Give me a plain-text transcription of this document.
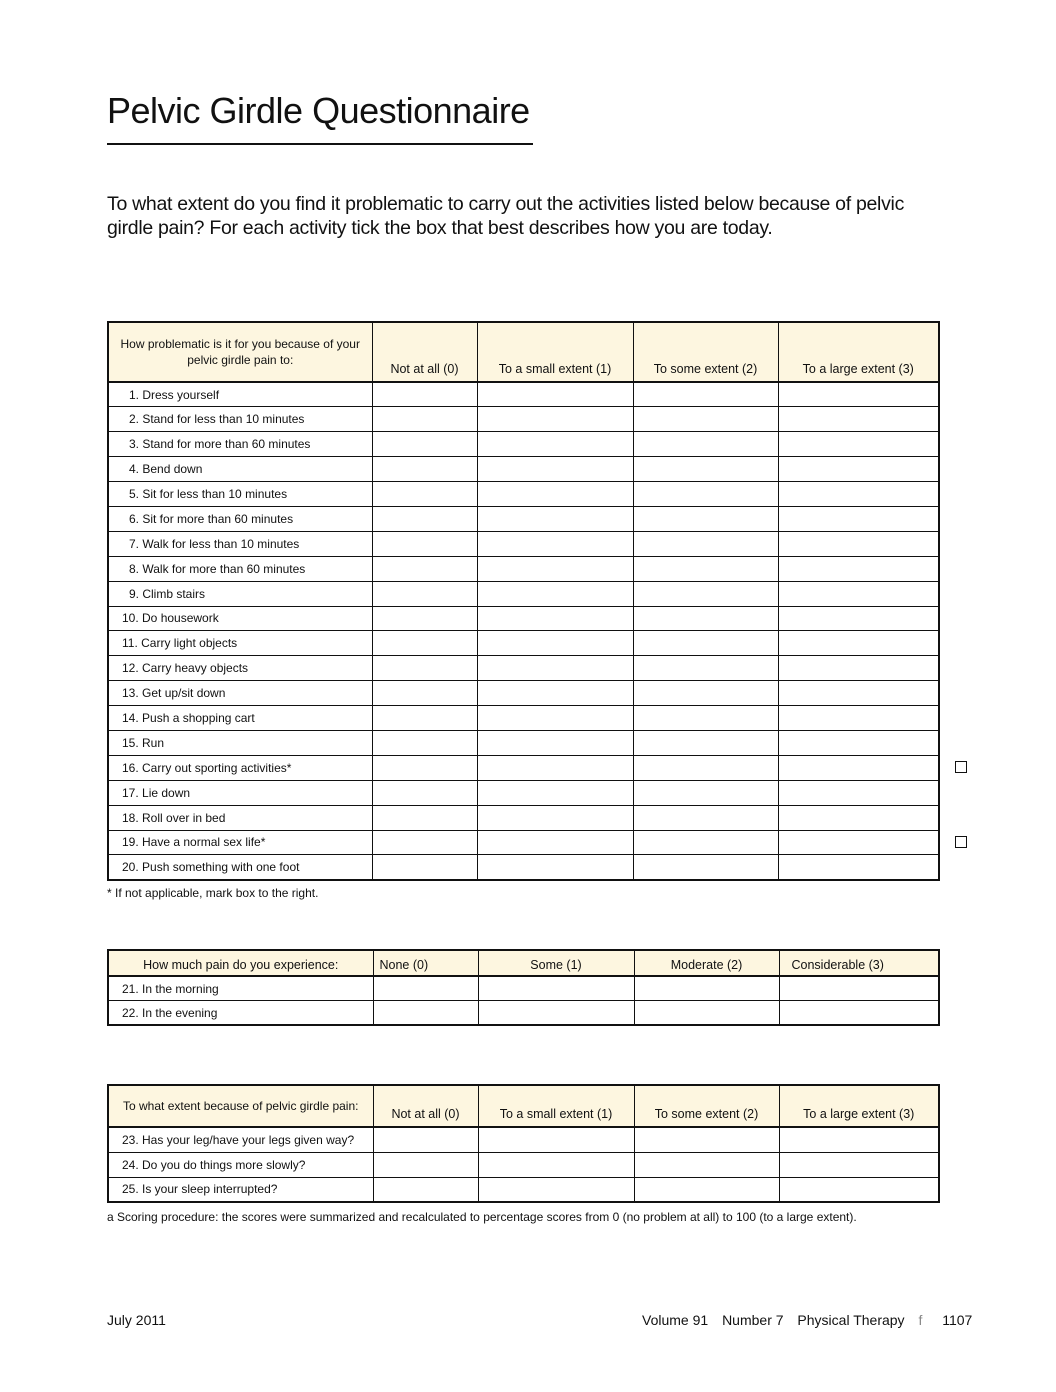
Pelvic Girdle Questionnaire

To what extent do you find it problematic to carry out the activities listed below because of pelvic girdle pain? For each activity tick the box that best describes how you are today.

How problematic is it for you because of your pelvic girdle pain to:	Not at all (0)	To a small extent (1)	To some extent (2)	To a large extent (3)
1. Dress yourself				
2. Stand for less than 10 minutes				
3. Stand for more than 60 minutes				
4. Bend down				
5. Sit for less than 10 minutes				
6. Sit for more than 60 minutes				
7. Walk for less than 10 minutes				
8. Walk for more than 60 minutes				
9. Climb stairs				
10. Do housework				
11. Carry light objects				
12. Carry heavy objects				
13. Get up/sit down				
14. Push a shopping cart				
15. Run				
16. Carry out sporting activities*				
17. Lie down				
18. Roll over in bed				
19. Have a normal sex life*				
20. Push something with one foot				
* If not applicable, mark box to the right.
How much pain do you experience:	None (0)	Some (1)	Moderate (2)	Considerable (3)
21. In the morning				
22. In the evening				
To what extent because of pelvic girdle pain:	Not at all (0)	To a small extent (1)	To some extent (2)	To a large extent (3)
23. Has your leg/have your legs given way?				
24. Do you do things more slowly?				
25. Is your sleep interrupted?				
a Scoring procedure: the scores were summarized and recalculated to percentage scores from 0 (no problem at all) to 100 (to a large extent).
July 2011	Volume 91 Number 7 Physical Therapy f 1107
